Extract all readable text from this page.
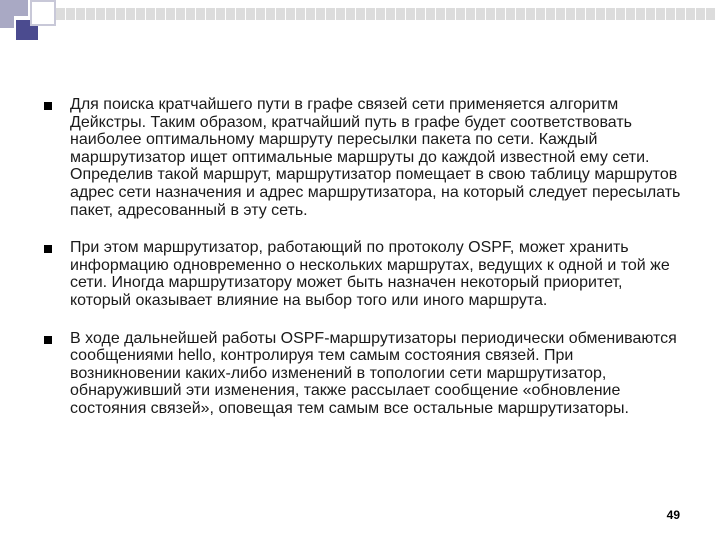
Для поиска кратчайшего пути в графе связей сети применяется алгоритм Дейкстры. Таким образом, кратчайший путь в графе будет соответствовать наиболее оптимальному маршруту пересылки пакета по сети. Каждый маршрутизатор ищет оптимальные маршруты до каждой известной ему сети. Определив такой маршрут, маршрутизатор помещает в свою таблицу маршрутов адрес сети назначения и адрес маршрутизатора, на который следует пересылать пакет, адресованный в эту сеть.
При этом маршрутизатор, работающий по протоколу OSPF, может хранить информацию одновременно о нескольких маршрутах, ведущих к одной и той же сети. Иногда маршрутизатору может быть назначен некоторый приоритет, который оказывает влияние на выбор того или иного маршрута.
В ходе дальнейшей работы OSPF-маршрутизаторы периодически обмениваются сообщениями hello, контролируя тем самым состояния связей. При возникновении каких-либо изменений в топологии сети маршрутизатор, обнаруживший эти изменения, также рассылает сообщение «обновление состояния связей», оповещая тем самым все остальные маршрутизаторы.
49
